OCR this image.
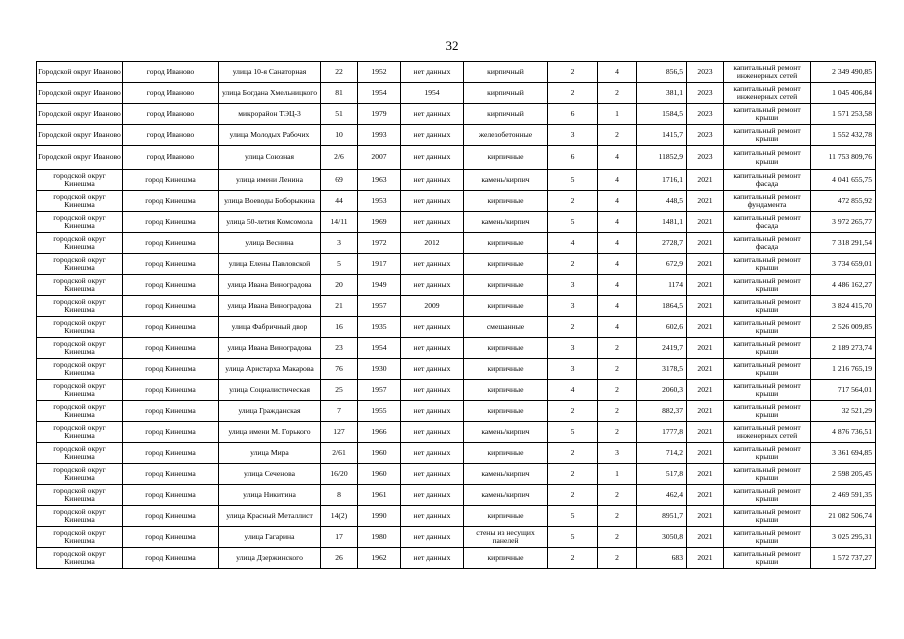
32
Городской округ Иваново	город Иваново	улица 10-я Санаторная	22	1952	нет данных	кирпичный	2	4	856,5	2023	капитальный ремонт инженерных сетей	2 349 490,85
Городской округ Иваново	город Иваново	улица Богдана Хмельницкого	81	1954	1954	кирпичный	2	2	381,1	2023	капитальный ремонт инженерных сетей	1 045 406,84
Городской округ Иваново	город Иваново	микрорайон ТЭЦ-3	51	1979	нет данных	кирпичный	6	1	1584,5	2023	капитальный ремонт крыши	1 571 253,58
Городской округ Иваново	город Иваново	улица Молодых Рабочих	10	1993	нет данных	железобетонные	3	2	1415,7	2023	капитальный ремонт крыши	1 552 432,78
Городской округ Иваново	город Иваново	улица Союзная	2/6	2007	нет данных	кирпичные	6	4	11852,9	2023	капитальный ремонт крыши	11 753 809,76
городской округ Кинешма	город Кинешма	улица имени Ленина	69	1963	нет данных	камень/кирпич	5	4	1716,1	2021	капитальный ремонт фасада	4 041 655,75
городской округ Кинешма	город Кинешма	улица Воеводы Боборыкина	44	1953	нет данных	кирпичные	2	4	448,5	2021	капитальный ремонт фундамента	472 855,92
городской округ Кинешма	город Кинешма	улица 50-летия Комсомола	14/11	1969	нет данных	камень/кирпич	5	4	1481,1	2021	капитальный ремонт фасада	3 972 265,77
городской округ Кинешма	город Кинешма	улица Веснина	3	1972	2012	кирпичные	4	4	2728,7	2021	капитальный ремонт фасада	7 318 291,54
городской округ Кинешма	город Кинешма	улица Елены Павловской	5	1917	нет данных	кирпичные	2	4	672,9	2021	капитальный ремонт крыши	3 734 659,01
городской округ Кинешма	город Кинешма	улица Ивана Виноградова	20	1949	нет данных	кирпичные	3	4	1174	2021	капитальный ремонт крыши	4 486 162,27
городской округ Кинешма	город Кинешма	улица Ивана Виноградова	21	1957	2009	кирпичные	3	4	1864,5	2021	капитальный ремонт крыши	3 824 415,70
городской округ Кинешма	город Кинешма	улица Фабричный двор	16	1935	нет данных	смешанные	2	4	602,6	2021	капитальный ремонт крыши	2 526 009,85
городской округ Кинешма	город Кинешма	улица Ивана Виноградова	23	1954	нет данных	кирпичные	3	2	2419,7	2021	капитальный ремонт крыши	2 189 273,74
городской округ Кинешма	город Кинешма	улица Аристарха Макарова	76	1930	нет данных	кирпичные	3	2	3178,5	2021	капитальный ремонт крыши	1 216 765,19
городской округ Кинешма	город Кинешма	улица Социалистическая	25	1957	нет данных	кирпичные	4	2	2060,3	2021	капитальный ремонт крыши	717 564,01
городской округ Кинешма	город Кинешма	улица Гражданская	7	1955	нет данных	кирпичные	2	2	882,37	2021	капитальный ремонт крыши	32 521,29
городской округ Кинешма	город Кинешма	улица имени М. Горького	127	1966	нет данных	камень/кирпич	5	2	1777,8	2021	капитальный ремонт инженерных сетей	4 876 736,51
городской округ Кинешма	город Кинешма	улица Мира	2/61	1960	нет данных	кирпичные	2	3	714,2	2021	капитальный ремонт крыши	3 361 694,85
городской округ Кинешма	город Кинешма	улица Сеченова	16/20	1960	нет данных	камень/кирпич	2	1	517,8	2021	капитальный ремонт крыши	2 598 205,45
городской округ Кинешма	город Кинешма	улица Никитина	8	1961	нет данных	камень/кирпич	2	2	462,4	2021	капитальный ремонт крыши	2 469 591,35
городской округ Кинешма	город Кинешма	улица Красный Металлист	14(2)	1990	нет данных	кирпичные	5	2	8951,7	2021	капитальный ремонт крыши	21 082 506,74
городской округ Кинешма	город Кинешма	улица Гагарина	17	1980	нет данных	стены из несущих панелей	5	2	3050,8	2021	капитальный ремонт крыши	3 025 295,31
городской округ Кинешма	город Кинешма	улица Дзержинского	26	1962	нет данных	кирпичные	2	2	683	2021	капитальный ремонт крыши	1 572 737,27
